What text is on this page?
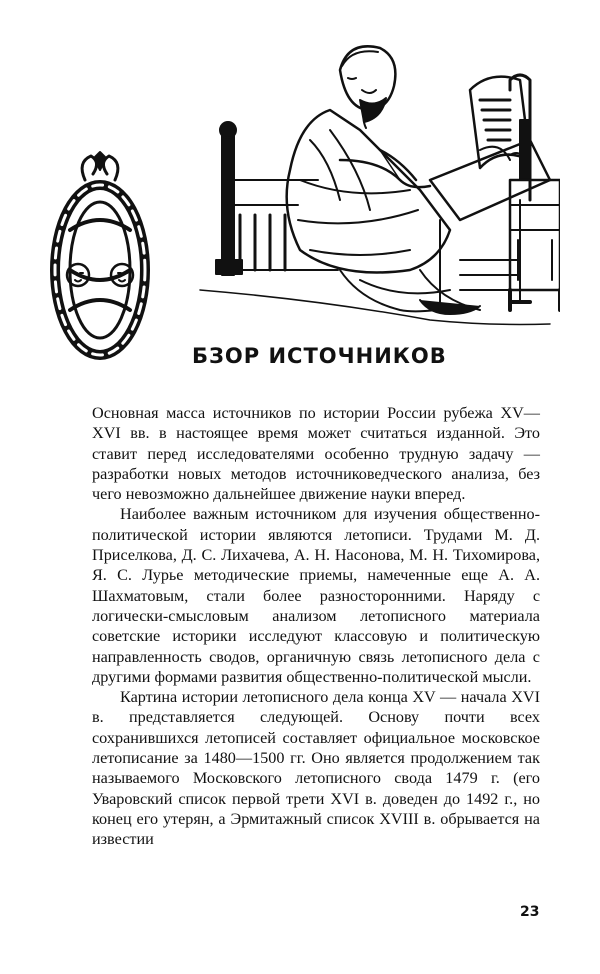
БЗОР ИСТОЧНИКОВ

Основная масса источников по истории России рубежа XV—XVI вв. в настоящее время может считаться изданной. Это ставит перед исследователями особенно трудную задачу — разработки новых методов источниковедческого анализа, без чего невозможно дальнейшее движение науки вперед.

Наиболее важным источником для изучения общественно-политической истории являются летописи. Трудами М. Д. Приселкова, Д. С. Лихачева, А. Н. Насонова, М. Н. Тихомирова, Я. С. Лурье методические приемы, намеченные еще А. А. Шахматовым, стали более разносторонними. Наряду с логически-смысловым анализом летописного материала советские историки исследуют классовую и политическую направленность сводов, органичную связь летописного дела с другими формами развития общественно-политической мысли.

Картина истории летописного дела конца XV — начала XVI в. представляется следующей. Основу почти всех сохранившихся летописей составляет официальное московское летописание за 1480—1500 гг. Оно является продолжением так называемого Московского летописного свода 1479 г. (его Уваровский список первой трети XVI в. доведен до 1492 г., но конец его утерян, а Эрмитажный список XVIII в. обрывается на известии

23
